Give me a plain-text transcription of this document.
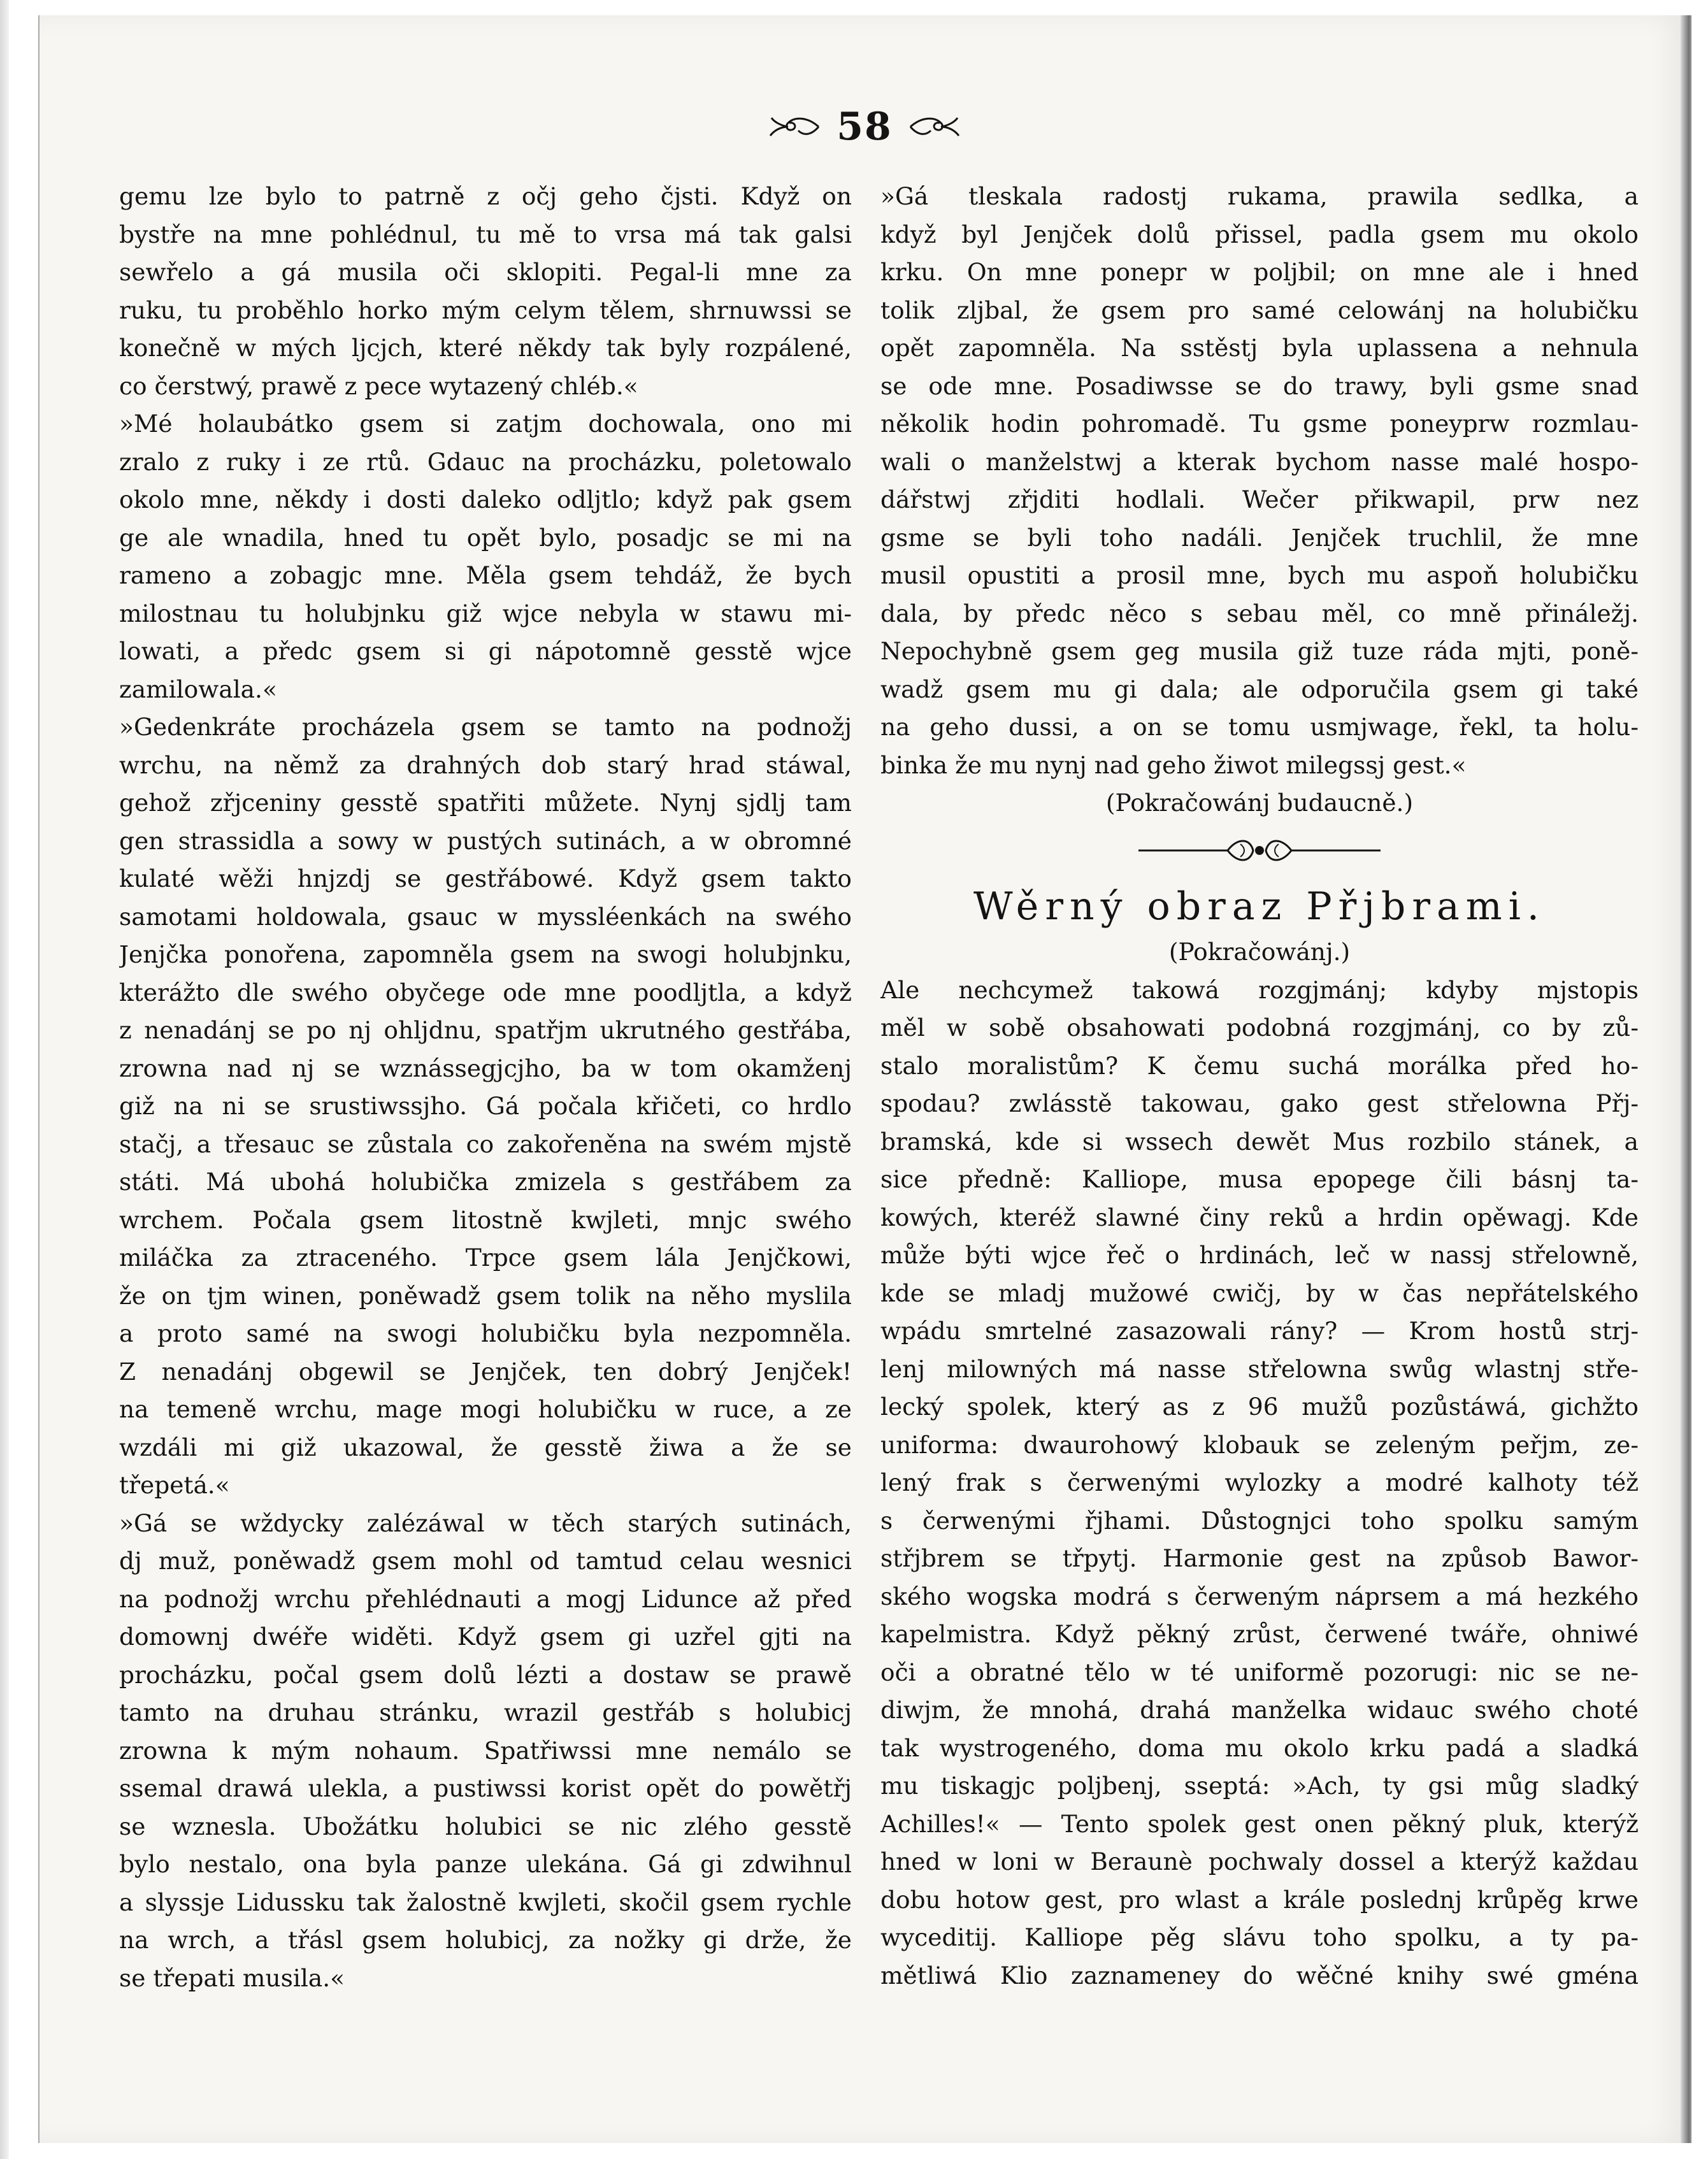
58
gemu lze bylo to patrně z očj geho čjsti. Když on
bystře na mne pohlédnul, tu mě to vrsa má tak galsi
sewřelo a gá musila oči sklopiti. Pegal-li mne za
ruku, tu proběhlo horko mým celym tělem, shrnuwssi se
konečně w mých ljcjch, které někdy tak byly rozpálené,
co čerstwý, prawě z pece wytazený chléb.«
»Mé holaubátko gsem si zatjm dochowala, ono mi
zralo z ruky i ze rtů. Gdauc na procházku, poletowalo
okolo mne, někdy i dosti daleko odljtlo; když pak gsem
ge ale wnadila, hned tu opět bylo, posadjc se mi na
rameno a zobagjc mne. Měla gsem tehdáž, že bych
milostnau tu holubjnku giž wjce nebyla w stawu mi-
lowati, a předc gsem si gi nápotomně gesstě wjce
zamilowala.«
»Gedenkráte procházela gsem se tamto na podnožj
wrchu, na němž za drahných dob starý hrad stáwal,
gehož zřjceniny gesstě spatřiti můžete. Nynj sjdlj tam
gen strassidla a sowy w pustých sutinách, a w obromné
kulaté wěži hnjzdj se gestřábowé. Když gsem takto
samotami holdowala, gsauc w myssléenkách na swého
Jenjčka ponořena, zapomněla gsem na swogi holubjnku,
kterážto dle swého obyčege ode mne poodljtla, a když
z nenadánj se po nj ohljdnu, spatřjm ukrutného gestřába,
zrowna nad nj se wznássegjcjho, ba w tom okamženj
giž na ni se srustiwssjho. Gá počala křičeti, co hrdlo
stačj, a třesauc se zůstala co zakořeněna na swém mjstě
státi. Má ubohá holubička zmizela s gestřábem za
wrchem. Počala gsem litostně kwjleti, mnjc swého
miláčka za ztraceného. Trpce gsem lála Jenjčkowi,
že on tjm winen, poněwadž gsem tolik na něho myslila
a proto samé na swogi holubičku byla nezpomněla.
Z nenadánj obgewil se Jenjček, ten dobrý Jenjček!
na temeně wrchu, mage mogi holubičku w ruce, a ze
wzdáli mi giž ukazowal, že gesstě žiwa a že se
třepetá.«
»Gá se wždycky zalézáwal w těch starých sutinách,
dj muž, poněwadž gsem mohl od tamtud celau wesnici
na podnožj wrchu přehlédnauti a mogj Lidunce až před
domownj dwéře widěti. Když gsem gi uzřel gjti na
procházku, počal gsem dolů lézti a dostaw se prawě
tamto na druhau stránku, wrazil gestřáb s holubicj
zrowna k mým nohaum. Spatřiwssi mne nemálo se
ssemal drawá ulekla, a pustiwssi korist opět do powětřj
se wznesla. Ubožátku holubici se nic zlého gesstě
bylo nestalo, ona byla panze ulekána. Gá gi zdwihnul
a slyssje Lidussku tak žalostně kwjleti, skočil gsem rychle
na wrch, a třásl gsem holubicj, za nožky gi drže, že
se třepati musila.«
»Gá tleskala radostj rukama, prawila sedlka, a
když byl Jenjček dolů přissel, padla gsem mu okolo
krku. On mne ponepr w poljbil; on mne ale i hned
tolik zljbal, že gsem pro samé celowánj na holubičku
opět zapomněla. Na sstěstj byla uplassena a nehnula
se ode mne. Posadiwsse se do trawy, byli gsme snad
několik hodin pohromadě. Tu gsme poneyprw rozmlau-
wali o manželstwj a kterak bychom nasse malé hospo-
dářstwj zřjditi hodlali. Wečer přikwapil, prw nez
gsme se byli toho nadáli. Jenjček truchlil, že mne
musil opustiti a prosil mne, bych mu aspoň holubičku
dala, by předc něco s sebau měl, co mně přináležj.
Nepochybně gsem geg musila giž tuze ráda mjti, poně-
wadž gsem mu gi dala; ale odporučila gsem gi také
na geho dussi, a on se tomu usmjwage, řekl, ta holu-
binka že mu nynj nad geho žiwot milegssj gest.«
(Pokračowánj budaucně.)
Wěrný obraz Přjbrami.
(Pokračowánj.)
Ale nechcymež takowá rozgjmánj; kdyby mjstopis
měl w sobě obsahowati podobná rozgjmánj, co by zů-
stalo moralistům? K čemu suchá morálka před ho-
spodau? zwlásstě takowau, gako gest střelownа Přj-
bramská, kde si wssech dewět Mus rozbilo stánek, a
sice předně: Kalliope, musa epopege čili básnj ta-
kowých, kteréž slawné činy reků a hrdin opěwagj. Kde
může býti wjce řeč o hrdinách, leč w nassj střelowně,
kde se mladj mužowé cwičj, by w čas nepřátelského
wpádu smrtelné zasazowali rány? — Krom hostů strj-
lenj milowných má nasse střelowna swůg wlastnj stře-
lecký spolek, který as z 96 mužů pozůstáwá, gichžto
uniforma: dwaurohowý klobauk se zeleným peřjm, ze-
lený frak s čerwenými wylozky a modré kalhoty též
s čerwenými řjhami. Důstognjci toho spolku samým
střjbrem se třpytj. Harmonie gest na způsob Bawor-
ského wogska modrá s čerweným náprsem a má hezkého
kapelmistra. Když pěkný zrůst, čerwené twáře, ohniwé
oči a obratné tělo w té uniformě pozorugi: nic se ne-
diwjm, že mnohá, drahá manželka widauc swého choté
tak wystrogeného, doma mu okolo krku padá a sladká
mu tiskagjc poljbenj, sseptá: »Ach, ty gsi můg sladký
Achilles!« — Tento spolek gest onen pěkný pluk, kterýž
hned w loni w Beraunè pochwaly dossel a kterýž každau
dobu hotow gest, pro wlast a krále poslednj krůpěg krwe
wyceditij. Kalliope pěg slávu toho spolku, a ty pa-
mětliwá Klio zaznamenеy do wěčné knihy swé gména
